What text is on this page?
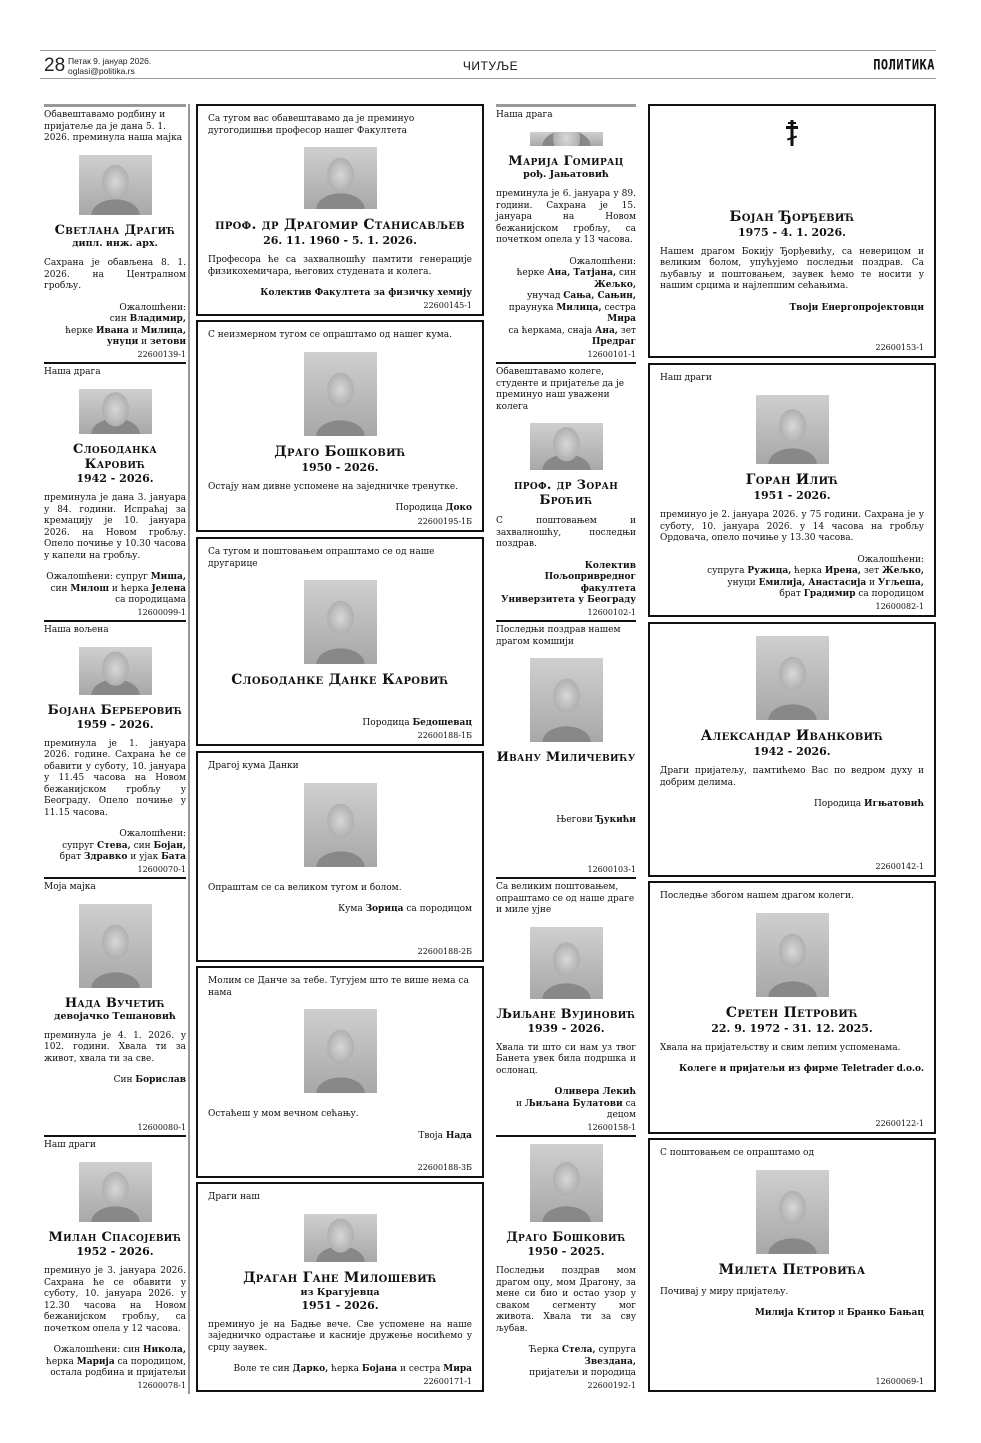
28 Петак 9. јануар 2026.
oglasi@politika.rs	ЧИТУЉЕ	ПОЛИТИКА
Обавештавамо родбину и пријатеље да је дана 5. 1. 2026. преминула наша мајка
Светлана Драгић
дипл. инж. арх.
Сахрана је обављена 8. 1. 2026. на Централном гробљу.
Ожалошћени:
син Владимир,
ћерке Ивана и Милица,
унуци и зетови
22600139-1
Наша драга
Слободанка Каровић
1942 - 2026.
преминула је дана 3. јануара у 84. години. Испраћај за кремацију је 10. јануара 2026. на Новом гробљу. Опело почиње у 10.30 часова у капели на гробљу.
Ожалошћени: супруг Миша,
син Милош и ћерка Јелена
са породицама
12600099-1
Наша вољена
Бојана Берберовић
1959 - 2026.
преминула је 1. јануара 2026. године. Сахрана ће се обавити у суботу, 10. јануара у 11.45 часова на Новом бежанијском гробљу у Београду. Опело почиње у 11.15 часова.
Ожалошћени:
супруг Стева, син Бојан,
брат Здравко и ујак Бата
12600070-1
Моја мајка
Нада Вучетић
девојачко Тешановић
преминула је 4. 1. 2026. у 102. години. Хвала ти за живот, хвала ти за све.
Син Борислав
12600080-1
Наш драги
Милан Спасојевић
1952 - 2026.
преминуо је 3. јануара 2026. Сахрана ће се обавити у суботу, 10. јануара 2026. у 12.30 часова на Новом бежанијском гробљу, са почетком опела у 12 часова.
Ожалошћени: син Никола,
ћерка Марија са породицом,
остала родбина и пријатељи
12600078-1
Са тугом вас обавештавамо да је преминуо дугогодишњи професор нашег Факултета
проф. др Драгомир Станисављев
26. 11. 1960 - 5. 1. 2026.
Професора ће са захвалношћу памтити генерације физикохемичара, његових студената и колега.
Колектив Факултета за физичку хемију
22600145-1
С неизмерном тугом се опраштамо од нашег кума.
Драго Бошковић
1950 - 2026.
Остају нам дивне успомене на заједничке тренутке.
Породица Доко
22600195-1Б
Са тугом и поштовањем опраштамо се од наше другарице
Слободанке Данке Каровић
Породица Бедошевац
22600188-1Б
Драгој кума Данки
Опраштам се са великом тугом и болом.
Кума Зорица са породицом
22600188-2Б
Молим се Данче за тебе. Тугујем што те више нема са нама
Остаћеш у мом вечном сећању.
Твоја Нада
22600188-3Б
Драги наш
Драган Гане Милошевић
из Крагујевца
1951 - 2026.
преминуо је на Бадње вече. Све успомене на наше заједничко одрастање и касније дружење носићемо у срцу заувек.
Воле те син Дарко, ћерка Бојана и сестра Мира
22600171-1
Наша драга
Марија Гомирац
рођ. Јањатовић
преминула је 6. јануара у 89. години. Сахрана је 15. јануара на Новом бежанијском гробљу, са почетком опела у 13 часова.
Ожалошћени:
ћерке Ана, Татјана, син Жељко,
унучад Сања, Сањин,
праунука Милица, сестра Мира
са ћеркама, снаја Ана, зет Предраг
12600101-1
Обавештавамо колеге, студенте и пријатеље да је преминуо наш уважени колега
проф. др Зоран Броћић
С поштовањем и захвалношћу, последњи поздрав.
Колектив
Пољопривредног факултета
Универзитета у Београду
12600102-1
Последњи поздрав нашем драгом комшији
Ивану Миличевићу
Његови Ђукићи
12600103-1
Са великим поштовањем, опраштамо се од наше драге и миле ујне
Љиљане Вујиновић
1939 - 2026.
Хвала ти што си нам уз твог Банета увек била подршка и ослонац.
Оливера Лекић
и Љиљана Булатови са децом
12600158-1
Драго Бошковић
1950 - 2025.
Последњи поздрав мом драгом оцу, мом Драгону, за мене си био и остао узор у сваком сегменту мог живота. Хвала ти за сву љубав.
Ћерка Стела, супруга Звездана,
пријатељи и породица
22600192-1
Бојан Ђорђевић
1975 - 4. 1. 2026.
Нашем драгом Бокију Ђорђевићу, са неверицом и великим болом, упућујемо последњи поздрав. Са љубављу и поштовањем, заувек ћемо те носити у нашим срцима и најлепшим сећањима.
Твоји Енергопројектовци
22600153-1
Наш драги
Горан Илић
1951 - 2026.
преминуо је 2. јануара 2026. у 75 години. Сахрана је у суботу, 10. јануара 2026. у 14 часова на гробљу Ордовача, опело почиње у 13.30 часова.
Ожалошћени:
супруга Ружица, ћерка Ирена, зет Жељко,
унуци Емилија, Анастасија и Угљеша,
брат Градимир са породицом
12600082-1
Александар Иванковић
1942 - 2026.
Драги пријатељу, памтићемо Вас по ведром духу и добрим делима.
Породица Игњатовић
22600142-1
Последње збогом нашем драгом колеги.
Сретен Петровић
22. 9. 1972 - 31. 12. 2025.
Хвала на пријатељству и свим лепим успоменама.
Колеге и пријатељи из фирме Teletrader d.o.o.
22600122-1
С поштовањем се опраштамо од
Милета Петровића
Почивај у миру пријатељу.
Милија Ктитор и Бранко Бањац
12600069-1
